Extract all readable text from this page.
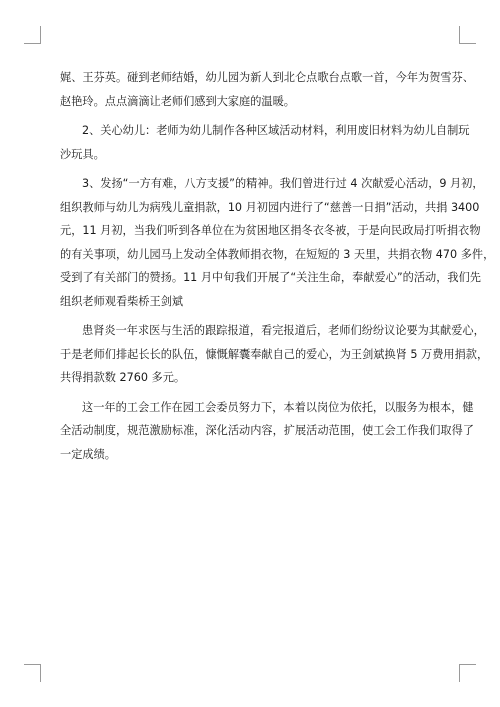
娓、王芬英。碰到老师结婚，幼儿园为新人到北仑点歌台点歌一首，今年为贺雪芬、
赵艳玲。点点滴滴让老师们感到大家庭的温暖。
2、关心幼儿：老师为幼儿制作各种区域活动材料，利用废旧材料为幼儿自制玩
沙玩具。
3、发扬“一方有难，八方支援”的精神。我们曾进行过 4 次献爱心活动，9 月初，
组织教师与幼儿为病残儿童捐款，10 月初园内进行了“慈善一日捐”活动，共捐 3400
元，11 月初，当我们听到各单位在为贫困地区捐冬衣冬被，于是向民政局打听捐衣物
的有关事项，幼儿园马上发动全体教师捐衣物，在短短的 3 天里，共捐衣物 470 多件，
受到了有关部门的赞扬。11 月中旬我们开展了“关注生命，奉献爱心”的活动，我们先
组织老师观看柴桥王剑斌
患肾炎一年求医与生活的跟踪报道，看完报道后，老师们纷纷议论要为其献爱心，
于是老师们排起长长的队伍，慷慨解囊奉献自己的爱心，为王剑斌换肾 5 万费用捐款，
共得捐款数 2760 多元。
这一年的工会工作在园工会委员努力下，本着以岗位为依托，以服务为根本，健
全活动制度，规范激励标准，深化活动内容，扩展活动范围，使工会工作我们取得了
一定成绩。
